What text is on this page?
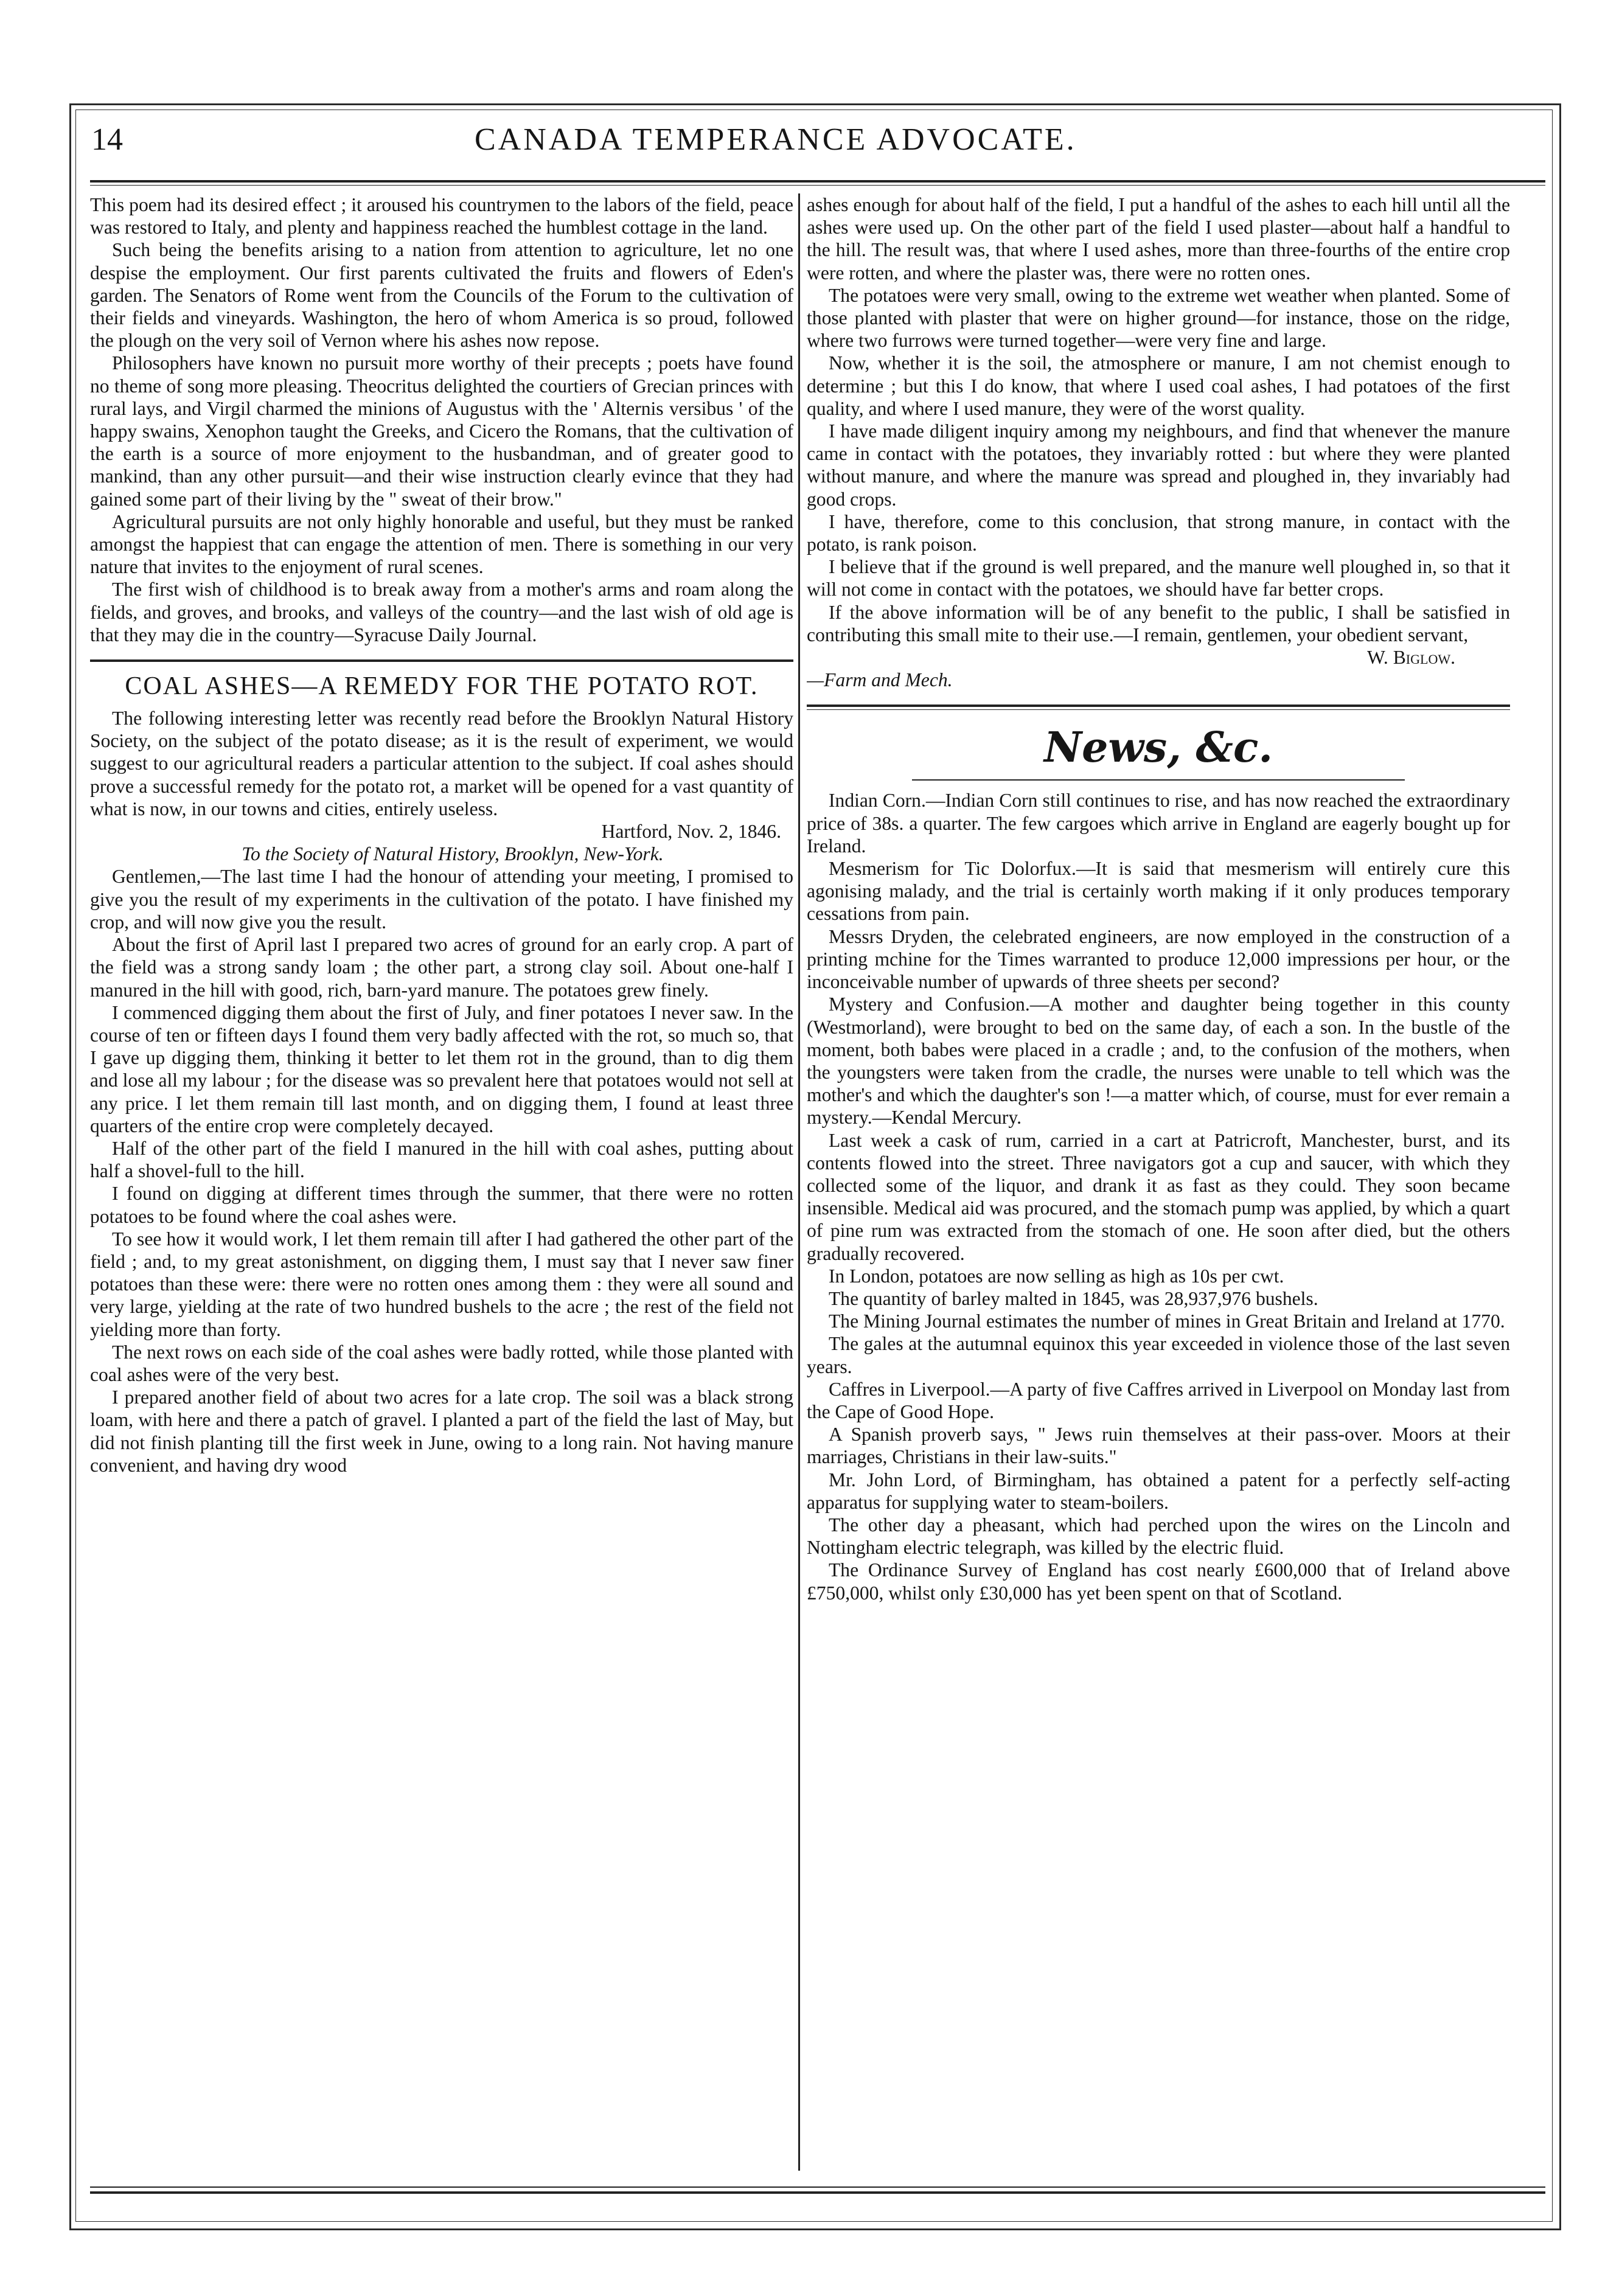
14	CANADA TEMPERANCE ADVOCATE.

This poem had its desired effect ; it aroused his countrymen to the labors of the field, peace was restored to Italy, and plenty and happiness reached the humblest cottage in the land.

Such being the benefits arising to a nation from attention to agriculture, let no one despise the employment. Our first parents cultivated the fruits and flowers of Eden's garden. The Senators of Rome went from the Councils of the Forum to the cultivation of their fields and vineyards. Washington, the hero of whom America is so proud, followed the plough on the very soil of Vernon where his ashes now repose.

Philosophers have known no pursuit more worthy of their precepts ; poets have found no theme of song more pleasing. Theocritus delighted the courtiers of Grecian princes with rural lays, and Virgil charmed the minions of Augustus with the ' Alternis versibus ' of the happy swains, Xenophon taught the Greeks, and Cicero the Romans, that the cultivation of the earth is a source of more enjoyment to the husbandman, and of greater good to mankind, than any other pursuit—and their wise instruction clearly evince that they had gained some part of their living by the " sweat of their brow."

Agricultural pursuits are not only highly honorable and useful, but they must be ranked amongst the happiest that can engage the attention of men. There is something in our very nature that invites to the enjoyment of rural scenes.

The first wish of childhood is to break away from a mother's arms and roam along the fields, and groves, and brooks, and valleys of the country—and the last wish of old age is that they may die in the country—Syracuse Daily Journal.

COAL ASHES—A REMEDY FOR THE POTATO ROT.

The following interesting letter was recently read before the Brooklyn Natural History Society, on the subject of the potato disease; as it is the result of experiment, we would suggest to our agricultural readers a particular attention to the subject. If coal ashes should prove a successful remedy for the potato rot, a market will be opened for a vast quantity of what is now, in our towns and cities, entirely useless.

Hartford, Nov. 2, 1846.

To the Society of Natural History, Brooklyn, New-York.

Gentlemen,—The last time I had the honour of attending your meeting, I promised to give you the result of my experiments in the cultivation of the potato. I have finished my crop, and will now give you the result.

About the first of April last I prepared two acres of ground for an early crop. A part of the field was a strong sandy loam ; the other part, a strong clay soil. About one-half I manured in the hill with good, rich, barn-yard manure. The potatoes grew finely.

I commenced digging them about the first of July, and finer potatoes I never saw. In the course of ten or fifteen days I found them very badly affected with the rot, so much so, that I gave up digging them, thinking it better to let them rot in the ground, than to dig them and lose all my labour ; for the disease was so prevalent here that potatoes would not sell at any price. I let them remain till last month, and on digging them, I found at least three quarters of the entire crop were completely decayed.

Half of the other part of the field I manured in the hill with coal ashes, putting about half a shovel-full to the hill.

I found on digging at different times through the summer, that there were no rotten potatoes to be found where the coal ashes were.

To see how it would work, I let them remain till after I had gathered the other part of the field ; and, to my great astonishment, on digging them, I must say that I never saw finer potatoes than these were: there were no rotten ones among them : they were all sound and very large, yielding at the rate of two hundred bushels to the acre ; the rest of the field not yielding more than forty.

The next rows on each side of the coal ashes were badly rotted, while those planted with coal ashes were of the very best.

I prepared another field of about two acres for a late crop. The soil was a black strong loam, with here and there a patch of gravel. I planted a part of the field the last of May, but did not finish planting till the first week in June, owing to a long rain. Not having manure convenient, and having dry wood

ashes enough for about half of the field, I put a handful of the ashes to each hill until all the ashes were used up. On the other part of the field I used plaster—about half a handful to the hill. The result was, that where I used ashes, more than three-fourths of the entire crop were rotten, and where the plaster was, there were no rotten ones.

The potatoes were very small, owing to the extreme wet weather when planted. Some of those planted with plaster that were on higher ground—for instance, those on the ridge, where two furrows were turned together—were very fine and large.

Now, whether it is the soil, the atmosphere or manure, I am not chemist enough to determine ; but this I do know, that where I used coal ashes, I had potatoes of the first quality, and where I used manure, they were of the worst quality.

I have made diligent inquiry among my neighbours, and find that whenever the manure came in contact with the potatoes, they invariably rotted : but where they were planted without manure, and where the manure was spread and ploughed in, they invariably had good crops.

I have, therefore, come to this conclusion, that strong manure, in contact with the potato, is rank poison.

I believe that if the ground is well prepared, and the manure well ploughed in, so that it will not come in contact with the potatoes, we should have far better crops.

If the above information will be of any benefit to the public, I shall be satisfied in contributing this small mite to their use.—I remain, gentlemen, your obedient servant,

W. Biglow.

—Farm and Mech.

News, &c.

Indian Corn.—Indian Corn still continues to rise, and has now reached the extraordinary price of 38s. a quarter. The few cargoes which arrive in England are eagerly bought up for Ireland.

Mesmerism for Tic Dolorfux.—It is said that mesmerism will entirely cure this agonising malady, and the trial is certainly worth making if it only produces temporary cessations from pain.

Messrs Dryden, the celebrated engineers, are now employed in the construction of a printing mchine for the Times warranted to produce 12,000 impressions per hour, or the inconceivable number of upwards of three sheets per second?

Mystery and Confusion.—A mother and daughter being together in this county (Westmorland), were brought to bed on the same day, of each a son. In the bustle of the moment, both babes were placed in a cradle ; and, to the confusion of the mothers, when the youngsters were taken from the cradle, the nurses were unable to tell which was the mother's and which the daughter's son !—a matter which, of course, must for ever remain a mystery.—Kendal Mercury.

Last week a cask of rum, carried in a cart at Patricroft, Manchester, burst, and its contents flowed into the street. Three navigators got a cup and saucer, with which they collected some of the liquor, and drank it as fast as they could. They soon became insensible. Medical aid was procured, and the stomach pump was applied, by which a quart of pine rum was extracted from the stomach of one. He soon after died, but the others gradually recovered.

In London, potatoes are now selling as high as 10s per cwt.

The quantity of barley malted in 1845, was 28,937,976 bushels.

The Mining Journal estimates the number of mines in Great Britain and Ireland at 1770.

The gales at the autumnal equinox this year exceeded in violence those of the last seven years.

Caffres in Liverpool.—A party of five Caffres arrived in Liverpool on Monday last from the Cape of Good Hope.

A Spanish proverb says, " Jews ruin themselves at their pass-over. Moors at their marriages, Christians in their law-suits."

Mr. John Lord, of Birmingham, has obtained a patent for a perfectly self-acting apparatus for supplying water to steam-boilers.

The other day a pheasant, which had perched upon the wires on the Lincoln and Nottingham electric telegraph, was killed by the electric fluid.

The Ordinance Survey of England has cost nearly £600,000 that of Ireland above £750,000, whilst only £30,000 has yet been spent on that of Scotland.
